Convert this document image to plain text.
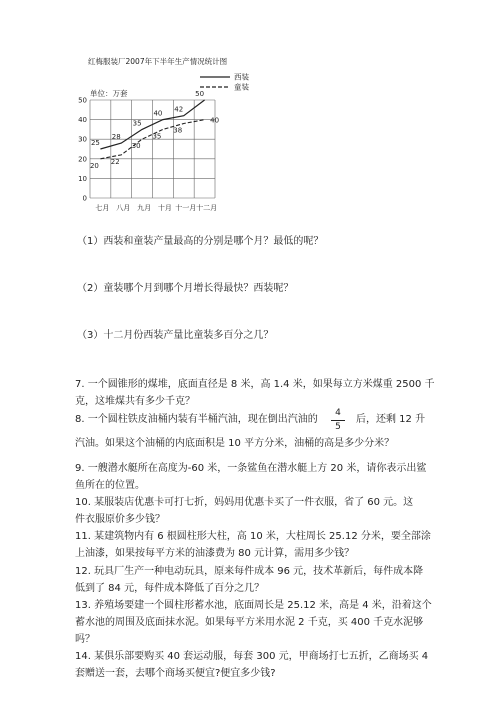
红梅服装厂2007年下半年生产情况统计图
单位：万套
25
28
35
40 42
50
20 22
30
35
38
40
西装
童装
0
10
20
30
40
50
七月 八月 九月 十月 十一月 十二月
（1）西装和童装产量最高的分别是哪个月？最低的呢？
（2）童装哪个月到哪个月增长得最快？西装呢？
（3）十二月份西装产量比童装多百分之几？
7. 一个圆锥形的煤堆，底面直径是 8 米，高 1.4 米，如果每立方米煤重 2500 千
克，这堆煤共有多少千克？
8. 一个圆柱铁皮油桶内装有半桶汽油，现在倒出汽油的
4
5
后，还剩 12 升
汽油。如果这个油桶的内底面积是 10 平方分米，油桶的高是多少分米？
9. 一艘潜水艇所在高度为-60 米，一条鲨鱼在潜水艇上方 20 米，请你表示出鲨
鱼所在的位置。
10. 某服装店优惠卡可打七折，妈妈用优惠卡买了一件衣服，省了 60 元。这
件衣服原价多少钱？
11. 某建筑物内有 6 根圆柱形大柱，高 10 米，大柱周长 25.12 分米，要全部涂
上油漆，如果按每平方米的油漆费为 80 元计算，需用多少钱？
12. 玩具厂生产一种电动玩具，原来每件成本 96 元，技术革新后，每件成本降
低到了 84 元，每件成本降低了百分之几？
13. 养殖场要建一个圆柱形蓄水池，底面周长是 25.12 米，高是 4 米，沿着这个
蓄水池的周围及底面抹水泥。如果每平方米用水泥 2 千克，买 400 千克水泥够
吗？
14. 某俱乐部要购买 40 套运动服，每套 300 元，甲商场打七五折，乙商场买 4
套赠送一套，去哪个商场买便宜?便宜多少钱?
